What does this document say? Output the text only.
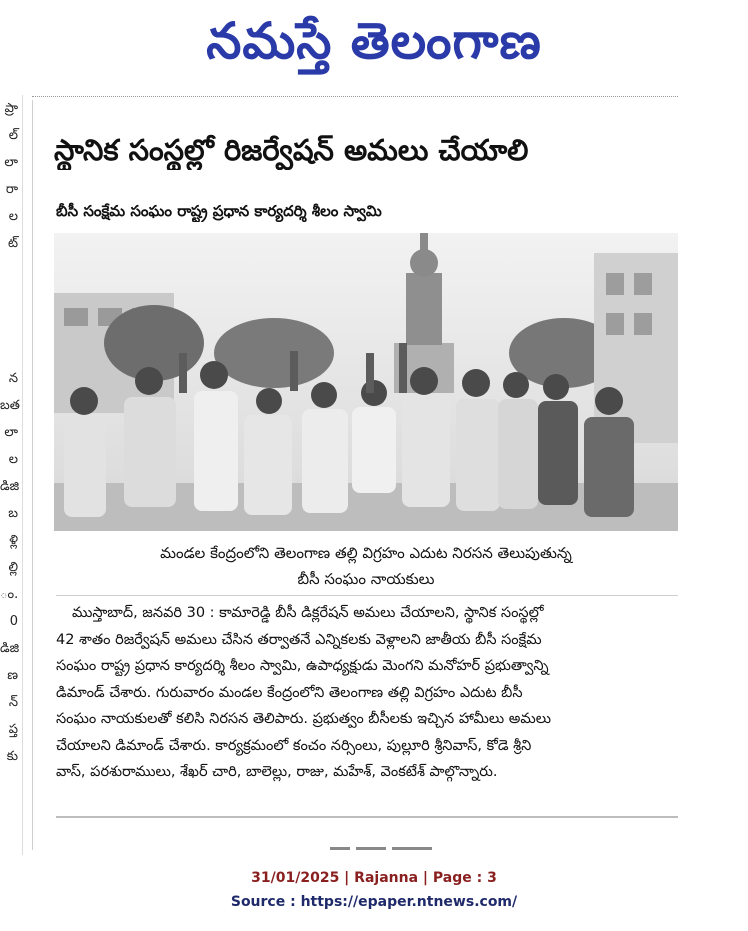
నమస్తే తెలంగాణ
ప్రా
ల్
లా
రా
ల
ట్

న
బత
లా
ల
డిజి
బ
ళ్లి
ల్లి
ం.
0
డిజి
ణ
న్
ప్త
కు
స్థానిక సంస్థల్లో రిజర్వేషన్ అమలు చేయాలి
బీసీ సంక్షేమ సంఘం రాష్ట్ర ప్రధాన కార్యదర్శి శీలం స్వామి
మండల కేంద్రంలోని తెలంగాణ తల్లి విగ్రహం ఎదుట నిరసన తెలుపుతున్న
బీసీ సంఘం నాయకులు
ముస్తాబాద్, జనవరి 30 : కామారెడ్డి బీసీ డిక్లరేషన్ అమలు చేయాలని, స్థానిక సంస్థల్లో
42 శాతం రిజర్వేషన్ అమలు చేసిన తర్వాతనే ఎన్నికలకు వెళ్లాలని జాతీయ బీసీ సంక్షేమ
సంఘం రాష్ట్ర ప్రధాన కార్యదర్శి శీలం స్వామి, ఉపాధ్యక్షుడు మెంగని మనోహర్ ప్రభుత్వాన్ని
డిమాండ్ చేశారు. గురువారం మండల కేంద్రంలోని తెలంగాణ తల్లి విగ్రహం ఎదుట బీసీ
సంఘం నాయకులతో కలిసి నిరసన తెలిపారు. ప్రభుత్వం బీసీలకు ఇచ్చిన హామీలు అమలు
చేయాలని డిమాండ్ చేశారు. కార్యక్రమంలో కంచం నర్సింలు, పుల్లూరి శ్రీనివాస్, కోడె శ్రీని
వాస్, పరశురాములు, శేఖర్ చారి, బాలెల్లు, రాజు, మహేశ్, వెంకటేశ్ పాల్గొన్నారు.
31/01/2025 | Rajanna | Page : 3
Source : https://epaper.ntnews.com/
